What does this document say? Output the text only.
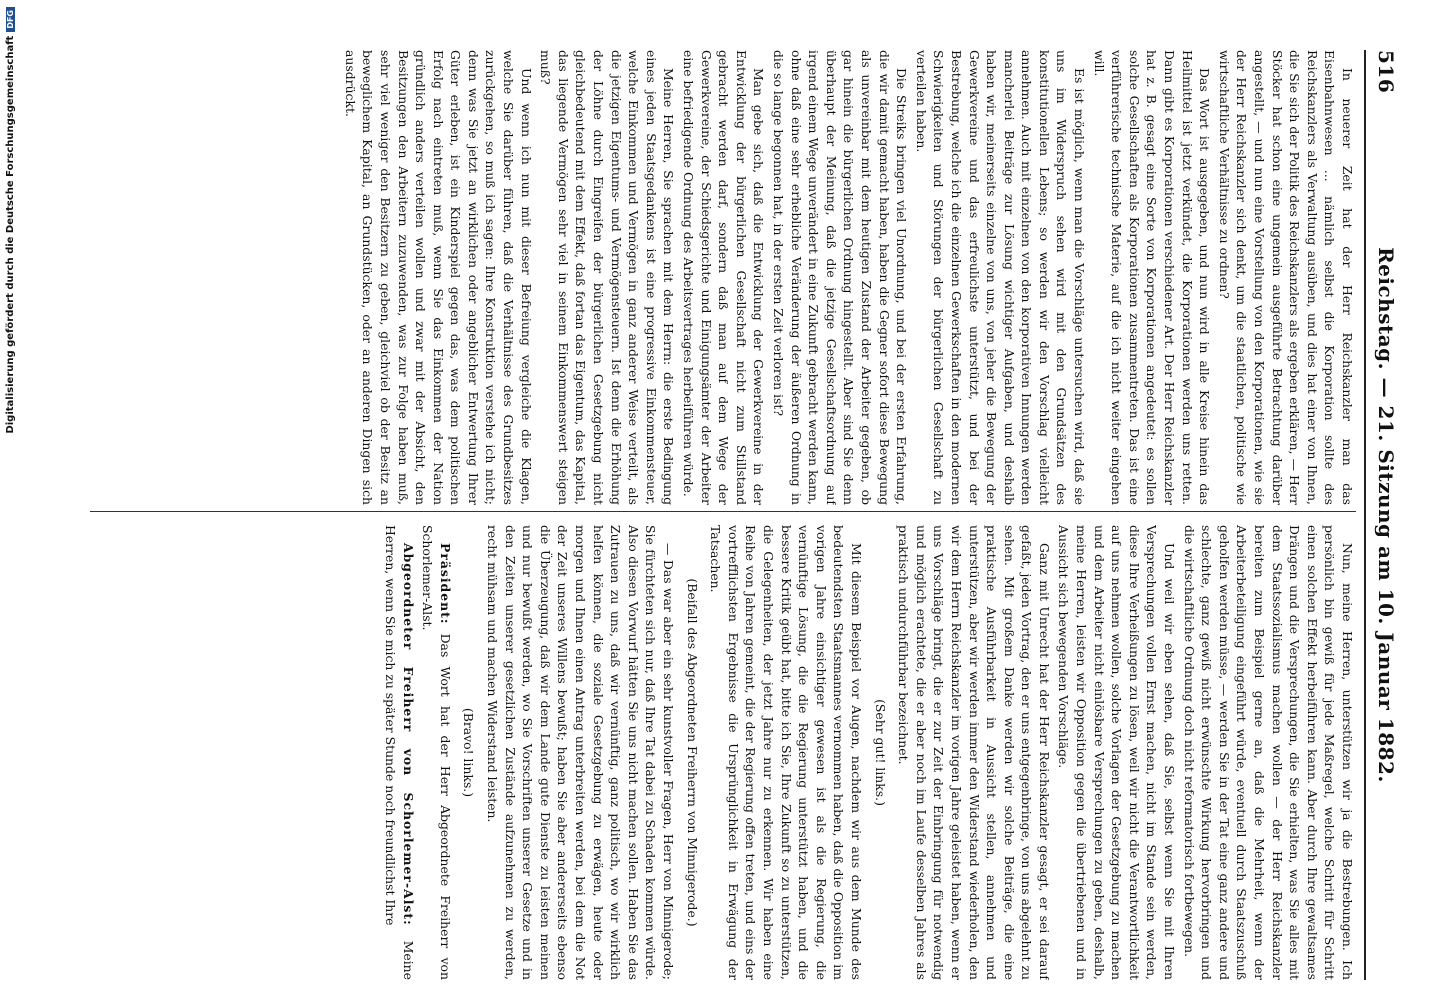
516
Reichstag. — 21. Sitzung am 10. Januar 1882.

In neuerer Zeit hat der Herr Reichskanzler man das Eisenbahnwesen ... nämlich selbst die Korporation sollte des Reichskanzlers als Verwaltung ausüben, und dies hat einer von Ihnen, die Sie sich der Politik des Reichskanzlers als ergeben erklären, — Herr Stöcker hat schon eine ungemein ausgeführte Betrachtung darüber angestellt, — und nun eine Vorstellung von den Korporationen, wie sie der Herr Reichskanzler sich denkt, um die staatlichen, politische wie wirtschaftliche Verhältnisse zu ordnen?

Das Wort ist ausgegeben, und nun wird in alle Kreise hinein das Heilmittel ist jetzt verkündet, die Korporationen werden uns retten. Dann gibt es Korporationen verschiedener Art. Der Herr Reichskanzler hat z. B. gesagt eine Sorte von Korporationen angedeutet: es sollen solche Gesellschaften als Korporationen zusammentreten. Das ist eine verführerische technische Materie, auf die ich nicht weiter eingehen will.

Es ist möglich, wenn man die Vorschläge untersuchen wird, daß sie uns im Widerspruch sehen wird mit den Grundsätzen des konstitutionellen Lebens; so werden wir den Vorschlag vielleicht annehmen. Auch mit einzelnen von den korporativen Innungen werden mancherlei Beiträge zur Lösung wichtiger Aufgaben, und deshalb haben wir, meinerseits einzelne von uns, von jeher die Bewegung der Gewerkvereine und das erfreulichste unterstützt, und bei der Bestrebung, welche ich die einzelnen Gewerkschaften in den modernen Schwierigkeiten und Störungen der bürgerlichen Gesellschaft zu verteilen haben.

Die Streiks bringen viel Unordnung, und bei der ersten Erfahrung, die wir damit gemacht haben, haben die Gegner sofort diese Bewegung als unvereinbar mit dem heutigen Zustand der Arbeiter gegeben, ob gar hinein die bürgerlichen Ordnung hingestellt. Aber sind Sie denn überhaupt der Meinung, daß die jetzige Gesellschaftsordnung auf irgend einem Wege unverändert in eine Zukunft gebracht werden kann, ohne daß eine sehr erhebliche Veränderung der äußeren Ordnung in die so lange begonnen hat, in der ersten Zeit verloren ist?

Man gebe sich, daß die Entwicklung der Gewerkvereine in der Entwicklung der bürgerlichen Gesellschaft nicht zum Stillstand gebracht werden darf, sondern daß man auf dem Wege der Gewerkvereine, der Schiedsgerichte und Einigungsämter der Arbeiter eine befriedigende Ordnung des Arbeitsvertrages herbeiführen würde.

Meine Herren, Sie sprachen mit dem Herrn: die erste Bedingung eines jeden Staatsgedankens ist eine progressive Einkommensteuer, welche Einkommen und Vermögen in ganz anderer Weise verteilt, als die jetzigen Eigentums- und Vermögensteuern. Ist denn die Erhöhung der Löhne durch Eingreifen der bürgerlichen Gesetzgebung nicht gleichbedeutend mit dem Effekt, daß fortan das Eigentum, das Kapital, das liegende Vermögen sehr viel in seinem Einkommenswert steigen muß?

Und wenn ich nun mit dieser Befreiung vergleiche die Klagen, welche Sie darüber führen, daß die Verhältnisse des Grundbesitzes zurückgehen, so muß ich sagen: Ihre Konstruktion verstehe ich nicht; denn was Sie jetzt an wirklichen oder angeblicher Entwertung Ihrer Güter erleben, ist ein Kinderspiel gegen das, was dem politischen Erfolg nach eintreten muß, wenn Sie das Einkommen der Nation gründlich anders verteilen wollen und zwar mit der Absicht, den Besitzungen den Arbeitern zuzuwenden, was zur Folge haben muß, sehr viel weniger den Besitzern zu geben, gleichviel ob der Besitz an beweglichem Kapital, an Grundstücken, oder an anderen Dingen sich ausdrückt.

Nun, meine Herren, unterstützen wir ja die Bestrebungen. Ich persönlich bin gewiß für jede Maßregel, welche Schritt für Schritt einen solchen Effekt herbeiführen kann. Aber durch Ihre gewaltsames Drängen und die Versprechungen, die Sie erhielten, was Sie alles mit dem Staatssozialismus machen wollen — der Herr Reichskanzler bereiten zum Beispiel gerne an, daß die Mehrheit, wenn der Arbeiterbeteiligung eingeführt würde, eventuell durch Staatszuschuß geholfen werden müsse, — werden Sie in der Tat eine ganz andere und schlechte, ganz gewiß nicht erwünschte Wirkung hervorbringen und die wirtschaftliche Ordnung doch nicht reformatorisch fortbewegen.

Und weil wir eben sehen, daß Sie, selbst wenn Sie mit Ihren Versprechungen vollen Ernst machen, nicht im Stande sein werden, diese Ihre Verheißungen zu lösen, weil wir nicht die Verantwortlichkeit auf uns nehmen wollen, solche Vorlagen der Gesetzgebung zu machen und dem Arbeiter nicht einlösbare Versprechungen zu geben, deshalb, meine Herren, leisten wir Opposition gegen die übertriebenen und in Aussicht sich bewegenden Vorschläge.

Ganz mit Unrecht hat der Herr Reichskanzler gesagt, er sei darauf gefaßt, jeden Vortrag, den er uns entgegenbringe, von uns abgelehnt zu sehen. Mit großem Danke werden wir solche Beiträge, die eine praktische Ausführbarkeit in Aussicht stellen, annehmen und unterstützen, aber wir werden immer den Widerstand wiederholen, den wir dem Herrn Reichskanzler im vorigen Jahre geleistet haben, wenn er uns Vorschläge bringt, die er zur Zeit der Einbringung für notwendig und möglich erachtete, die er aber noch im Laufe desselben Jahres als praktisch undurchführbar bezeichnet.

(Sehr gut! links.)

Mit diesem Beispiel vor Augen, nachdem wir aus dem Munde des bedeutendsten Staatsmannes vernommen haben, daß die Opposition im vorigen Jahre einsichtiger gewesen ist als die Regierung, die vernünftige Lösung, die die Regierung unterstützt haben, und die bessere Kritik geübt hat, bitte ich Sie, Ihre Zukunft so zu unterstützen, die Gelegenheiten, der jetzt Jahre nur zu erkennen. Wir haben eine Reihe von Jahren gemeint, die der Regierung offen treten, und eins der vortrefflichsten Ergebnisse die Ursprünglichkeit in Erwägung der Tatsachen.

(Beifall des Abgeordneten Freiherrn von Minnigerode.)

— Das war aber ein sehr kunstvoller Fragen, Herr von Minnigerode; Sie fürchteten sich nur, daß Ihre Tat dabei zu Schaden kommen würde. Also diesen Vorwurf hätten Sie uns nicht machen sollen. Haben Sie das Zutrauen zu uns, daß wir vernünftig, ganz politisch, wo wir wirklich helfen können, die soziale Gesetzgebung zu erwägen, heute oder morgen und Ihnen einen Antrag unterbreiten werden, bei dem die Not der Zeit unseres Willens bewußt; haben Sie aber andererseits ebenso die Überzeugung, daß wir dem Lande gute Dienste zu leisten meinen und nur bewußt werden, wo Sie Vorschriften unserer Gesetze und in den Zeiten unserer gesetzlichen Zustände aufzunehmen zu werden, recht mühsam und machen Widerstand leisten.

(Bravo! links.)

Präsident: Das Wort hat der Herr Abgeordnete Freiherr von Schorlemer-Alst.

Abgeordneter Freiherr von Schorlemer-Alst: Meine Herren, wenn Sie mich zu später Stunde noch freundlichst Ihre

Digitalisierung gefördert durch die Deutsche ForschungsgemeinschaftDFG
